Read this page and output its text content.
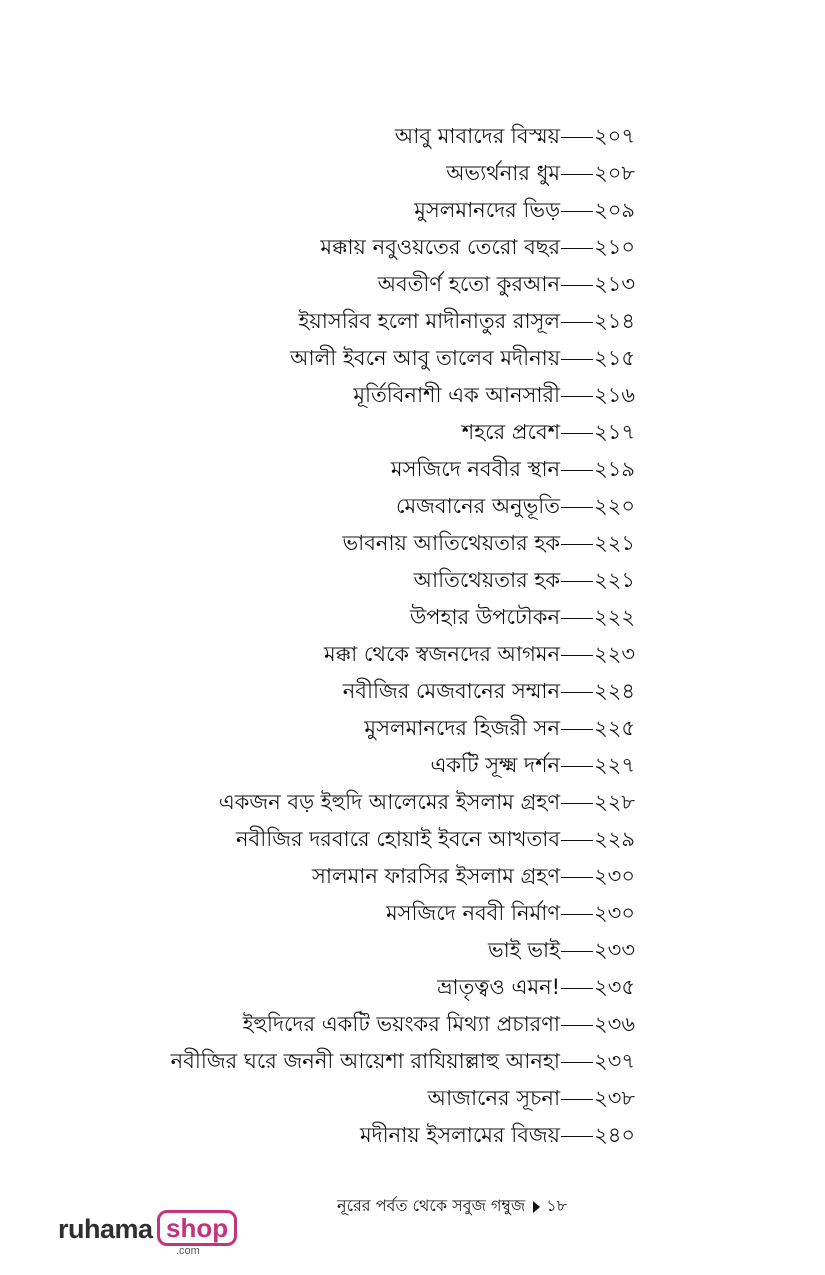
আবু মাবাদের বিস্ময় ২০৭
অভ্যর্থনার ধুম ২০৮
মুসলমানদের ভিড় ২০৯
মক্কায় নবুওয়তের তেরো বছর ২১০
অবতীর্ণ হতো কুরআন ২১৩
ইয়াসরিব হলো মাদীনাতুর রাসূল ২১৪
আলী ইবনে আবু তালেব মদীনায় ২১৫
মূর্তিবিনাশী এক আনসারী ২১৬
শহরে প্রবেশ ২১৭
মসজিদে নববীর স্থান ২১৯
মেজবানের অনুভূতি ২২০
ভাবনায় আতিথেয়তার হক ২২১
আতিথেয়তার হক ২২১
উপহার উপঢৌকন ২২২
মক্কা থেকে স্বজনদের আগমন ২২৩
নবীজির মেজবানের সম্মান ২২৪
মুসলমানদের হিজরী সন ২২৫
একটি সূক্ষ্ম দর্শন ২২৭
একজন বড় ইহুদি আলেমের ইসলাম গ্রহণ ২২৮
নবীজির দরবারে হোয়াই ইবনে আখতাব ২২৯
সালমান ফারসির ইসলাম গ্রহণ ২৩০
মসজিদে নববী নির্মাণ ২৩০
ভাই ভাই ২৩৩
ভ্রাতৃত্বও এমন! ২৩৫
ইহুদিদের একটি ভয়ংকর মিথ্যা প্রচারণা ২৩৬
নবীজির ঘরে জননী আয়েশা রাযিয়াল্লাহু আনহা ২৩৭
আজানের সূচনা ২৩৮
মদীনায় ইসলামের বিজয় ২৪০
নূরের পর্বত থেকে সবুজ গম্বুজ ১৮
ruhama shop
.com
